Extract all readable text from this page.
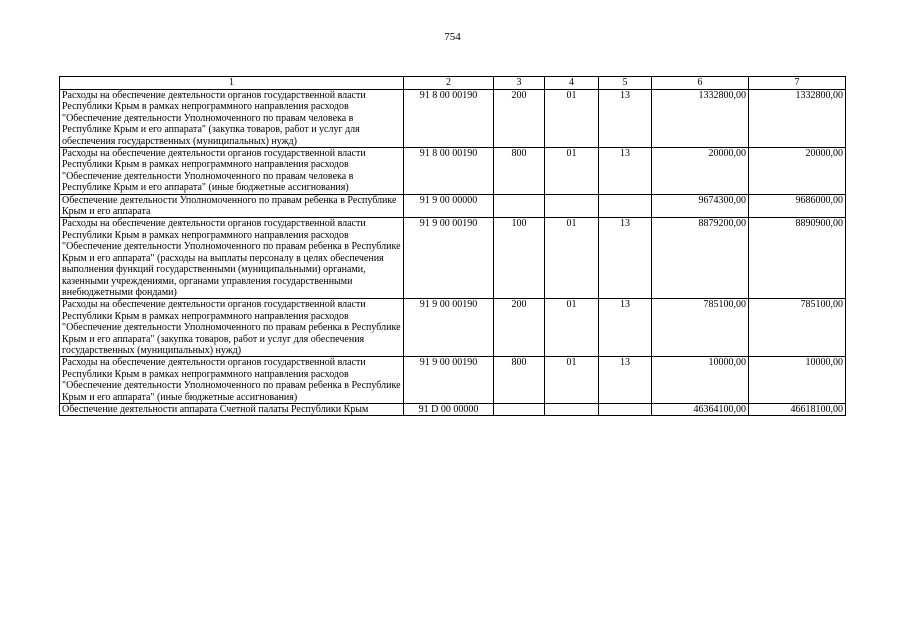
754
1	2	3	4	5	6	7
Расходы на обеспечение деятельности органов государственной власти Республики Крым в рамках непрограммного направления расходов "Обеспечение деятельности Уполномоченного по правам человека в Республике Крым и его аппарата" (закупка товаров, работ и услуг для обеспечения государственных (муниципальных) нужд)	91 8 00 00190	200	01	13	1332800,00	1332800,00
Расходы на обеспечение деятельности органов государственной власти Республики Крым в рамках непрограммного направления расходов "Обеспечение деятельности Уполномоченного по правам человека в Республике Крым и его аппарата" (иные бюджетные ассигнования)	91 8 00 00190	800	01	13	20000,00	20000,00
Обеспечение деятельности Уполномоченного по правам ребенка в Республике Крым и его аппарата	91 9 00 00000				9674300,00	9686000,00
Расходы на обеспечение деятельности органов государственной власти Республики Крым в рамках непрограммного направления расходов "Обеспечение деятельности Уполномоченного по правам ребенка в Республике Крым и его аппарата" (расходы на выплаты персоналу в целях обеспечения выполнения функций государственными (муниципальными) органами, казенными учреждениями, органами управления государственными внебюджетными фондами)	91 9 00 00190	100	01	13	8879200,00	8890900,00
Расходы на обеспечение деятельности органов государственной власти Республики Крым в рамках непрограммного направления расходов "Обеспечение деятельности Уполномоченного по правам ребенка в Республике Крым и его аппарата" (закупка товаров, работ и услуг для обеспечения государственных (муниципальных) нужд)	91 9 00 00190	200	01	13	785100,00	785100,00
Расходы на обеспечение деятельности органов государственной власти Республики Крым в рамках непрограммного направления расходов "Обеспечение деятельности Уполномоченного по правам ребенка в Республике Крым и его аппарата" (иные бюджетные ассигнования)	91 9 00 00190	800	01	13	10000,00	10000,00
Обеспечение деятельности аппарата Счетной палаты Республики Крым	91 D 00 00000				46364100,00	46618100,00
